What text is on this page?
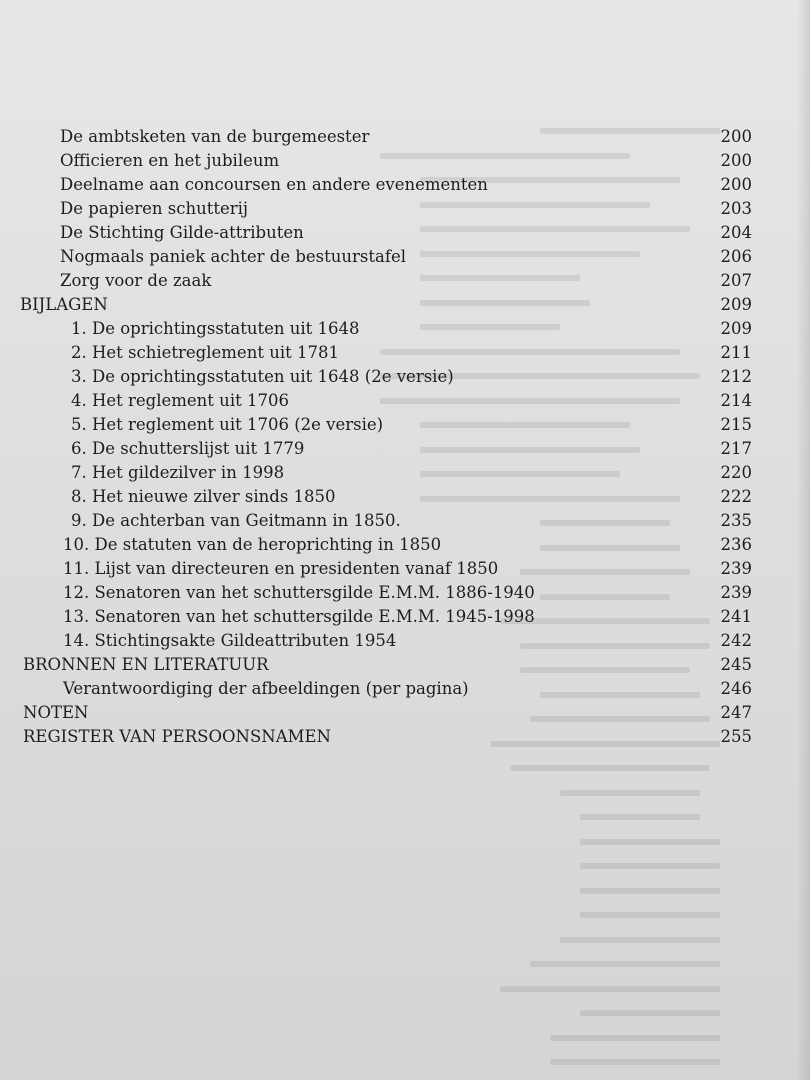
De ambtsketen van de burgemeester	200
Officieren en het jubileum	200
Deelname aan concoursen en andere evenementen	200
De papieren schutterij	203
De Stichting Gilde-attributen	204
Nogmaals paniek achter de bestuurstafel	206
Zorg voor de zaak	207
BIJLAGEN	209
1. De oprichtingsstatuten uit 1648	209
2. Het schietreglement uit 1781	211
3. De oprichtingsstatuten uit 1648 (2e versie)	212
4. Het reglement uit 1706	214
5. Het reglement uit 1706 (2e versie)	215
6. De schutterslijst uit 1779	217
7. Het gildezilver in 1998	220
8. Het nieuwe zilver sinds 1850	222
9. De achterban van Geitmann in 1850.	235
10. De statuten van de heroprichting in 1850	236
11. Lijst van directeuren en presidenten vanaf 1850	239
12. Senatoren van het schuttersgilde E.M.M. 1886-1940	239
13. Senatoren van het schuttersgilde E.M.M. 1945-1998	241
14. Stichtingsakte Gildeattributen 1954	242
BRONNEN EN LITERATUUR	245
Verantwoordiging der afbeeldingen (per pagina)	246
NOTEN	247
REGISTER VAN PERSOONSNAMEN	255
